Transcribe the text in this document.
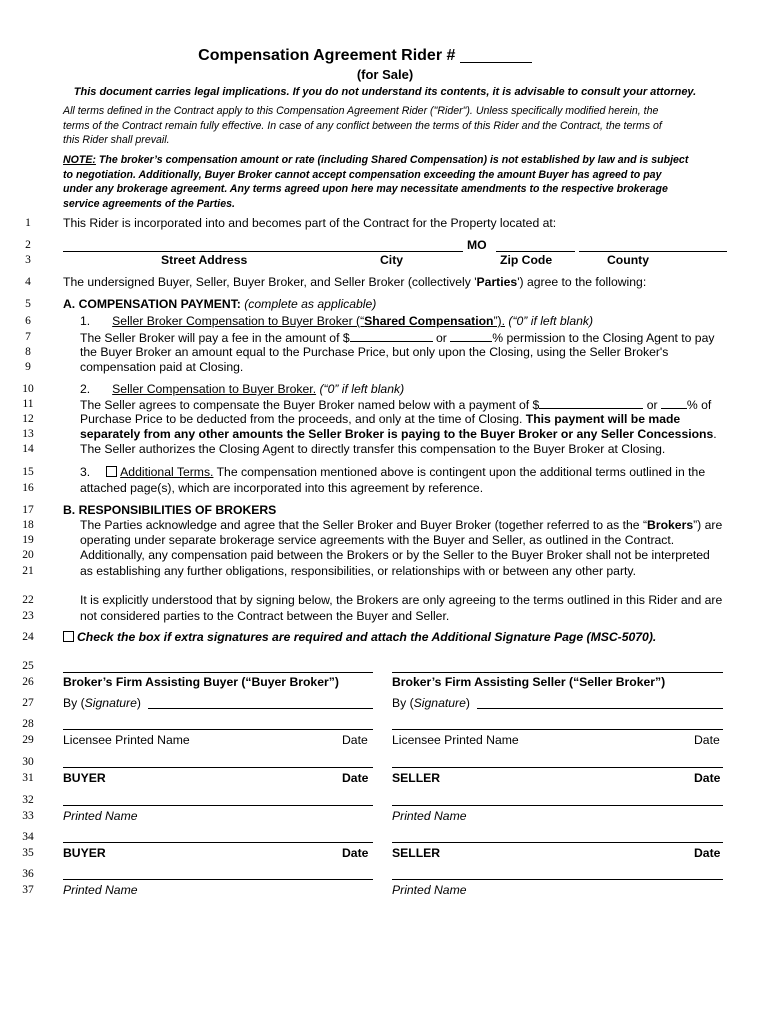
Compensation Agreement Rider #
(for Sale)
This document carries legal implications. If you do not understand its contents, it is advisable to consult your attorney.
All terms defined in the Contract apply to this Compensation Agreement Rider ("Rider"). Unless specifically modified herein, the
terms of the Contract remain fully effective. In case of any conflict between the terms of this Rider and the Contract, the terms of
this Rider shall prevail.
NOTE: The broker’s compensation amount or rate (including Shared Compensation) is not established by law and is subject
to negotiation. Additionally, Buyer Broker cannot accept compensation exceeding the amount Buyer has agreed to pay
under any brokerage agreement. Any terms agreed upon here may necessitate amendments to the respective brokerage
service agreements of the Parties.
1
2
3
4
5
6
7
8
9
10
11
12
13
14
15
16
17
18
19
20
21
22
23
24
25
26
27
28
29
30
31
32
33
34
35
36
37
This Rider is incorporated into and becomes part of the Contract for the Property located at:
MO
Street Address	City	Zip Code	County
The undersigned Buyer, Seller, Buyer Broker, and Seller Broker (collectively 'Parties') agree to the following:
A. COMPENSATION PAYMENT: (complete as applicable)
1. Seller Broker Compensation to Buyer Broker (“Shared Compensation”). (“0” if left blank)
The Seller Broker will pay a fee in the amount of $	or	% permission to the Closing Agent to pay
the Buyer Broker an amount equal to the Purchase Price, but only upon the Closing, using the Seller Broker's
compensation paid at Closing.
2. Seller Compensation to Buyer Broker. (“0” if left blank)
The Seller agrees to compensate the Buyer Broker named below with a payment of $	or % of
Purchase Price to be deducted from the proceeds, and only at the time of Closing. This payment will be made
separately from any other amounts the Seller Broker is paying to the Buyer Broker or any Seller Concessions.
The Seller authorizes the Closing Agent to directly transfer this compensation to the Buyer Broker at Closing.
3. Additional Terms. The compensation mentioned above is contingent upon the additional terms outlined in the
attached page(s), which are incorporated into this agreement by reference.
B. RESPONSIBILITIES OF BROKERS
The Parties acknowledge and agree that the Seller Broker and Buyer Broker (together referred to as the “Brokers”) are
operating under separate brokerage service agreements with the Buyer and Seller, as outlined in the Contract.
Additionally, any compensation paid between the Brokers or by the Seller to the Buyer Broker shall not be interpreted
as establishing any further obligations, responsibilities, or relationships with or between any other party.
It is explicitly understood that by signing below, the Brokers are only agreeing to the terms outlined in this Rider and are
not considered parties to the Contract between the Buyer and Seller.
Check the box if extra signatures are required and attach the Additional Signature Page (MSC-5070).
Broker’s Firm Assisting Buyer (“Buyer Broker”)
By (Signature)
Licensee Printed Name	Date
BUYER	Date
Printed Name
BUYER	Date
Printed Name
Broker’s Firm Assisting Seller (“Seller Broker”)
By (Signature)
Licensee Printed Name	Date
SELLER	Date
Printed Name
SELLER	Date
Printed Name
